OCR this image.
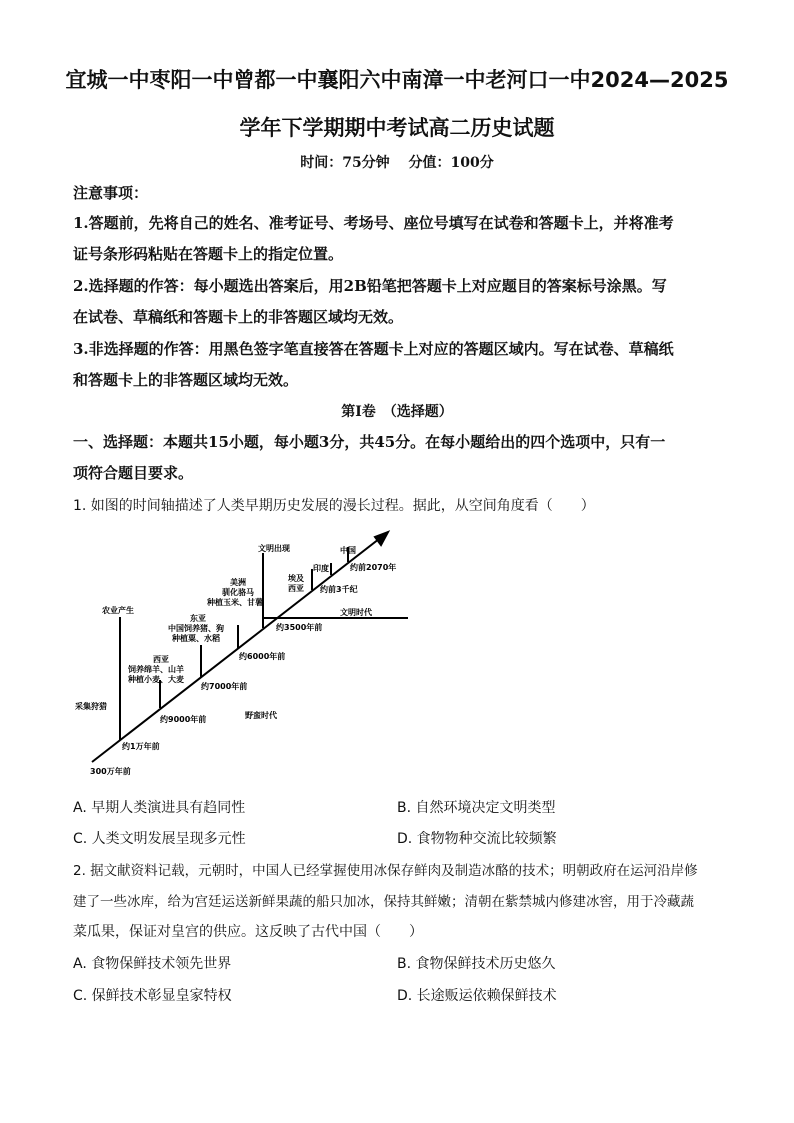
宜城一中枣阳一中曾都一中襄阳六中南漳一中老河口一中2024—2025
学年下学期期中考试高二历史试题
时间：75分钟　 分值：100分
注意事项：
1.答题前，先将自己的姓名、准考证号、考场号、座位号填写在试卷和答题卡上，并将准考
证号条形码粘贴在答题卡上的指定位置。
2.选择题的作答：每小题选出答案后，用2B铅笔把答题卡上对应题目的答案标号涂黑。写
在试卷、草稿纸和答题卡上的非答题区域均无效。
3.非选择题的作答：用黑色签字笔直接答在答题卡上对应的答题区域内。写在试卷、草稿纸
和答题卡上的非答题区域均无效。
第Ⅰ卷　（选择题）
一、选择题：本题共15小题，每小题3分，共45分。在每小题给出的四个选项中，只有一
项符合题目要求。
1. 如图的时间轴描述了人类早期历史发展的漫长过程。据此，从空间角度看（　　）
300万年前
约1万年前
约9000年前
约7000年前
约6000年前
约3500年前
约前3千纪
约前2070年
采集狩猎
农业产生
野蛮时代
文明时代
文明出现
西亚
饲养绵羊、山羊
种植小麦、大麦
东亚
中国饲养猪、狗
种植粟、水稻
美洲
驯化骆马
种植玉米、甘薯
埃及
西亚
印度
中国
A. 早期人类演进具有趋同性	B. 自然环境决定文明类型
C. 人类文明发展呈现多元性	D. 食物物种交流比较频繁
2. 据文献资料记载，元朝时，中国人已经掌握使用冰保存鲜肉及制造冰酪的技术；明朝政府在运河沿岸修
建了一些冰库，给为宫廷运送新鲜果蔬的船只加冰，保持其鲜嫩；清朝在紫禁城内修建冰窖，用于冷藏蔬
菜瓜果，保证对皇宫的供应。这反映了古代中国（　　）
A. 食物保鲜技术领先世界	B. 食物保鲜技术历史悠久
C. 保鲜技术彰显皇家特权	D. 长途贩运依赖保鲜技术
